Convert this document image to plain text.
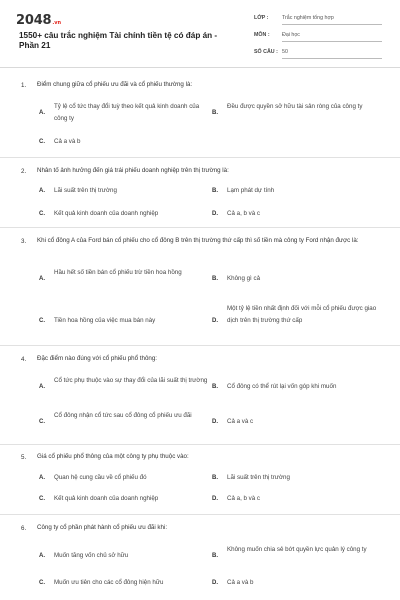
2048 .vn
1550+ câu trắc nghiệm Tài chính tiền tệ có đáp án - Phần 21
LỚP :	Trắc nghiệm tổng hợp
MÔN : Đại học
SỐ CÂU : 50
1. Điểm chung giữa cổ phiếu ưu đãi và cổ phiếu thường là:
A.
Tỷ lệ cổ tức thay đổi tuỳ theo kết quả kinh doanh của công ty
B.
Đều được quyền sở hữu tài sản ròng của công ty
C. Cả a và b
2. Nhân tố ảnh hưởng đến giá trái phiếu doanh nghiệp trên thị trường là:
A. Lãi suất trên thị trường	B. Lạm phát dự tính
C. Kết quả kinh doanh của doanh nghiệp	D. Cả a, b và c
3. Khi cổ đông A của Ford bán cổ phiếu cho cổ đông B trên thị trường thứ cấp thì số tiền mà công ty Ford nhận được là:
A.
Hầu hết số tiền bán cổ phiếu trừ tiền hoa hồng
B. Không gì cả
C. Tiền hoa hồng của việc mua bán này	D.
Một tỷ lệ tiền nhất định đối với mỗi cổ phiếu được giao dịch trên thị trường thứ cấp
4. Đặc điểm nào đúng với cổ phiếu phổ thông:
A.
Cổ tức phụ thuộc vào sự thay đổi của lãi suất thị trường
B. Cổ đông có thể rút lại vốn góp khi muốn
C.
Cổ đông nhận cổ tức sau cổ đông cổ phiếu ưu đãi
D. Cả a và c
5. Giá cổ phiếu phổ thông của một công ty phụ thuộc vào:
A. Quan hệ cung cầu về cổ phiếu đó	B. Lãi suất trên thị trường
C. Kết quả kinh doanh của doanh nghiệp	D. Cả a, b và c
6. Công ty cổ phần phát hành cổ phiếu ưu đãi khi:
A. Muốn tăng vốn chủ sở hữu	B.
Không muốn chia sẻ bớt quyền lực quản lý công ty
C. Muốn ưu tiên cho các cổ đông hiện hữu	D. Cả a và b
